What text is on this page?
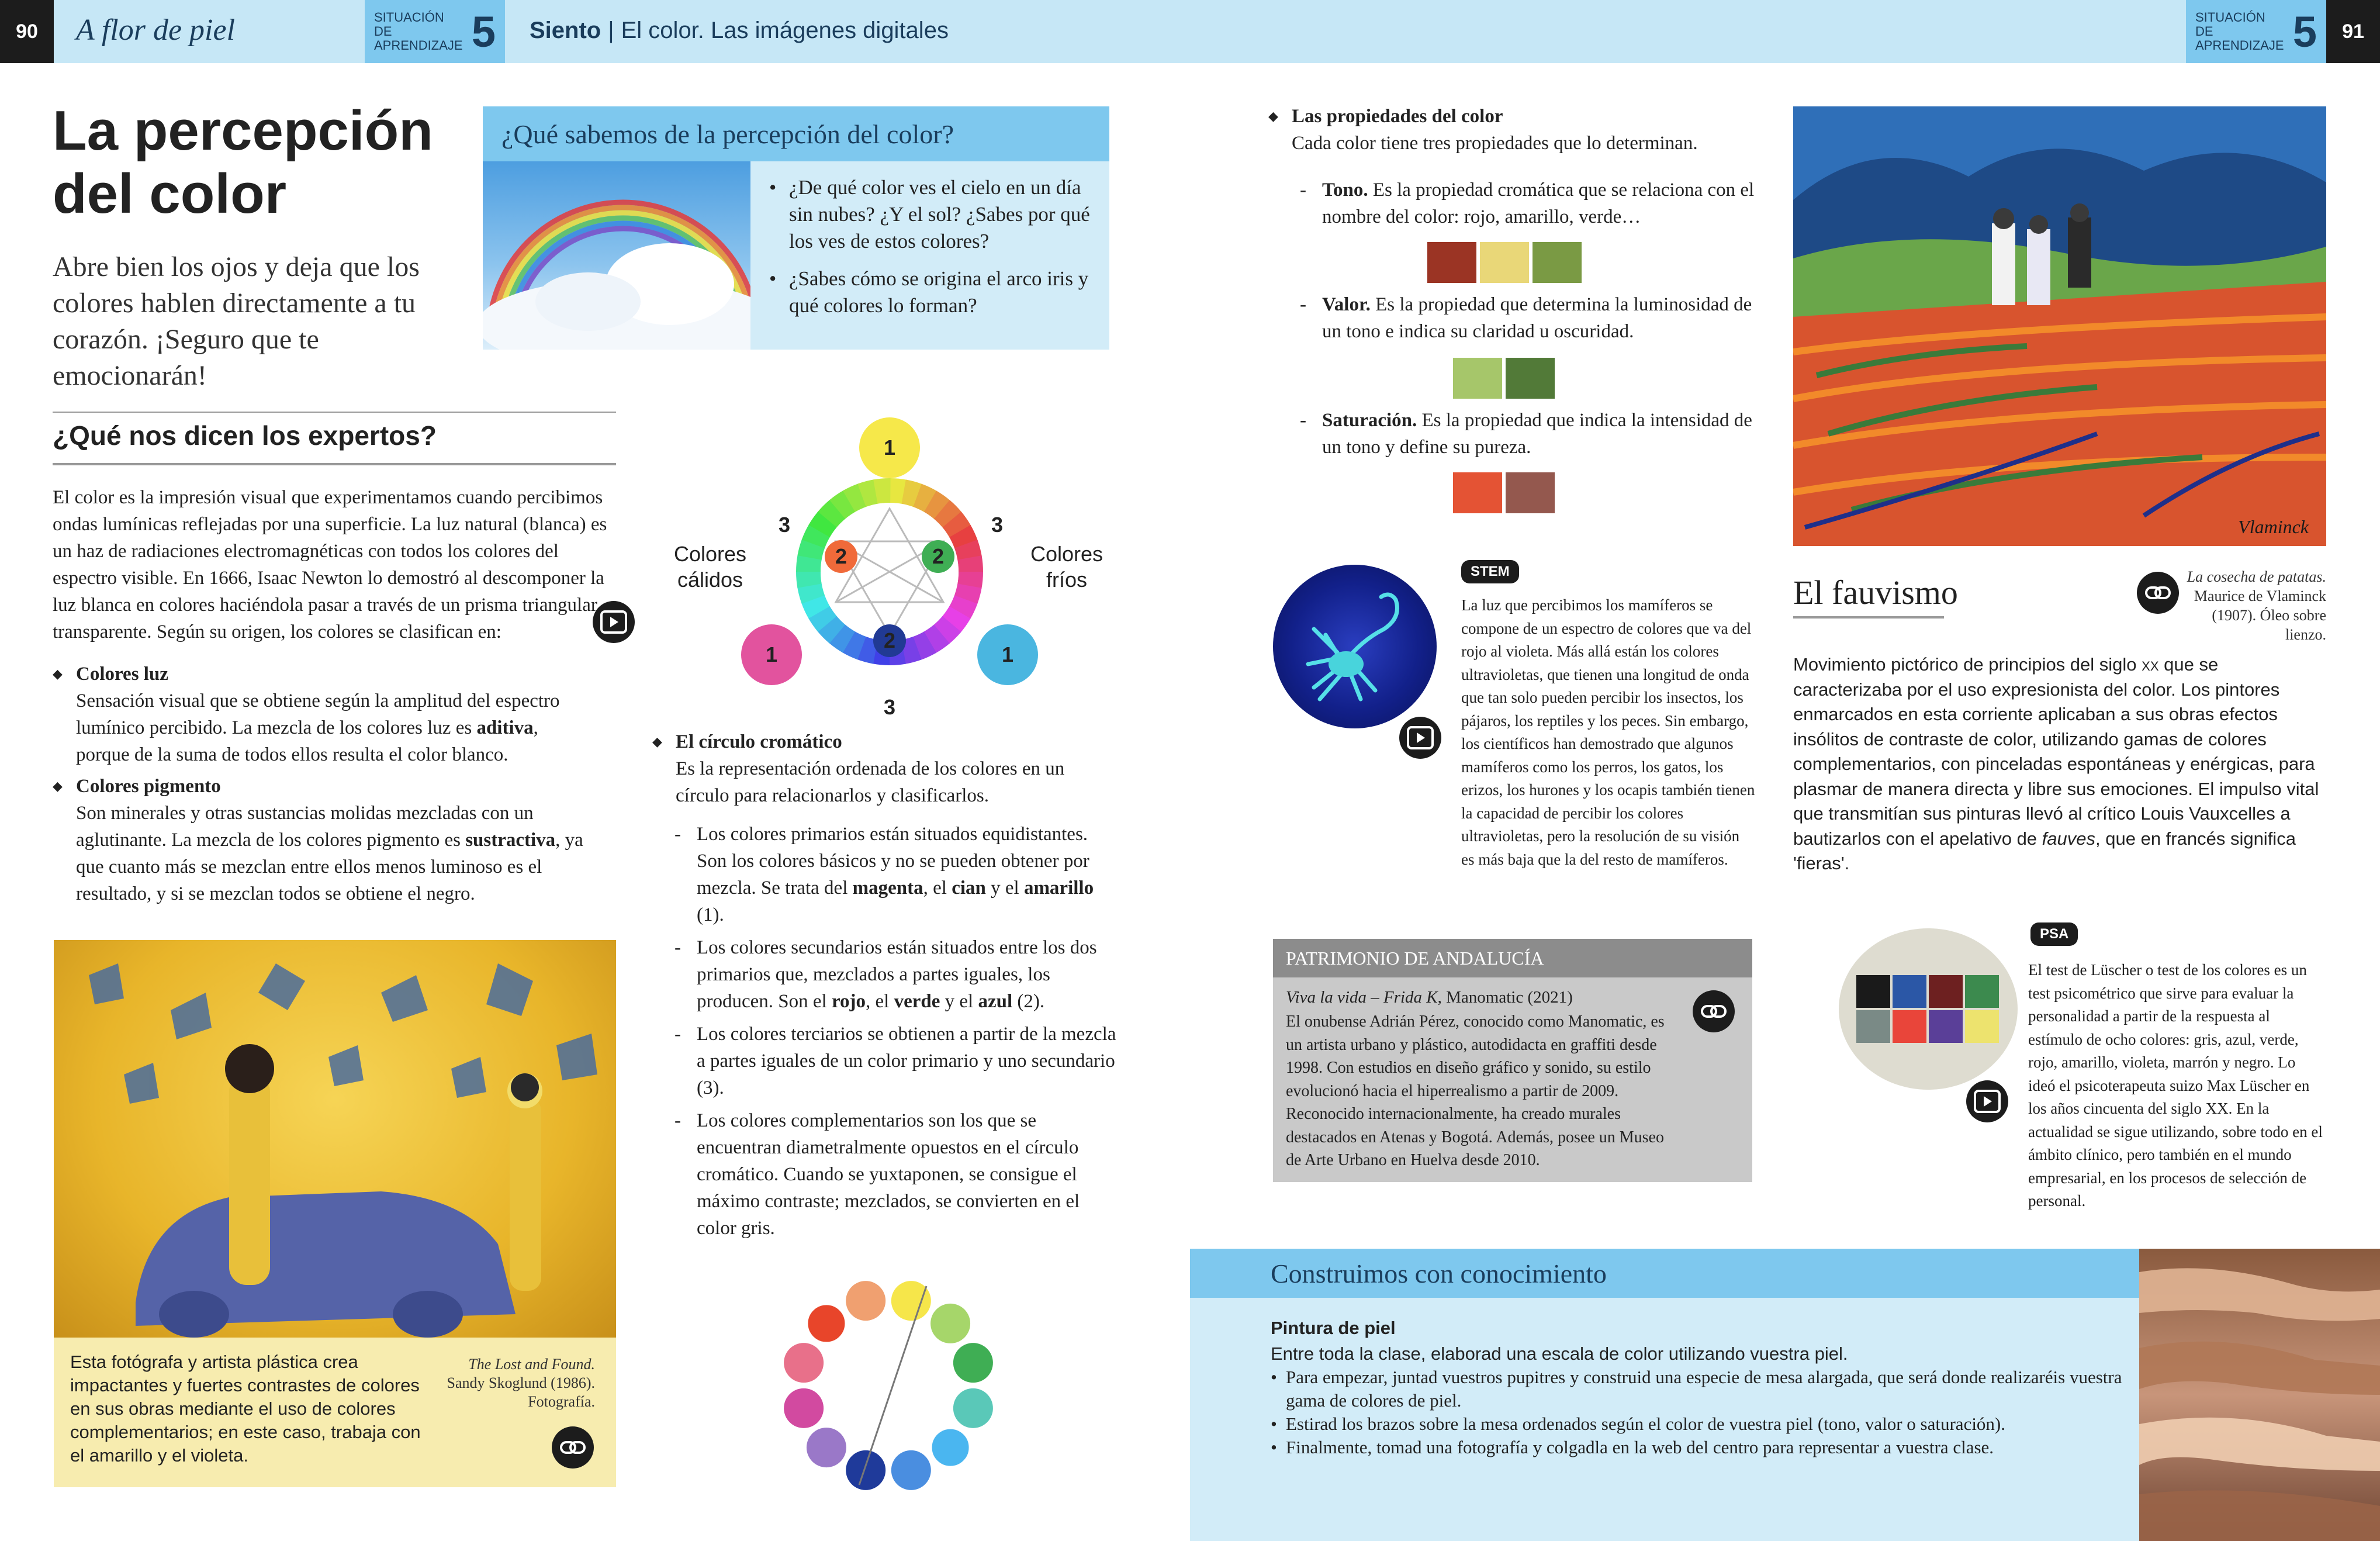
90	A flor de piel	SITUACIÓN DE
APRENDIZAJE 5 Siento | El color. Las imágenes digitales
SITUACIÓN DE
APRENDIZAJE 5	91
La percepción
del color

Abre bien los ojos y deja que los colores hablen directamente a tu corazón. ¡Seguro que te emocionarán!

¿Qué sabemos de la percepción del color?
• ¿De qué color ves el cielo en un día sin nubes? ¿Y el sol? ¿Sabes por qué los ves de estos colores?
• ¿Sabes cómo se origina el arco iris y qué colores lo forman?
¿Qué nos dicen los expertos?

El color es la impresión visual que experimentamos cuando percibimos ondas lumínicas reflejadas por una superficie. La luz natural (blanca) es un haz de radiaciones electromagnéticas con todos los colores del espectro visible. En 1666, Isaac Newton lo demostró al descomponer la luz blanca en colores haciéndola pasar a través de un prisma triangular transparente. Según su origen, los colores se clasifican en:

◆ Colores luz
Sensación visual que se obtiene según la amplitud del espectro lumínico percibido. La mezcla de los colores luz es aditiva, porque de la suma de todos ellos resulta el color blanco.
◆ Colores pigmento
Son minerales y otras sustancias molidas mezcladas con un aglutinante. La mezcla de los colores pigmento es sustractiva, ya que cuanto más se mezclan entre ellos menos luminoso es el resultado, y si se mezclan todos se obtiene el negro.

Esta fotógrafa y artista plástica crea impactantes y fuertes contrastes de colores en sus obras mediante el uso de colores complementarios; en este caso, trabaja con el amarillo y el violeta.

The Lost and Found.
Sandy Skoglund (1986). Fotografía.
1
1	1
2	2
2
3	3
3
Colores
cálidos
Colores
fríos
◆ El círculo cromático
Es la representación ordenada de los colores en un círculo para relacionarlos y clasificarlos.
- Los colores primarios están situados equidistantes. Son los colores básicos y no se pueden obtener por mezcla. Se trata del magenta, el cian y el amarillo (1).
- Los colores secundarios están situados entre los dos primarios que, mezclados a partes iguales, los producen. Son el rojo, el verde y el azul (2).
- Los colores terciarios se obtienen a partir de la mezcla a partes iguales de un color primario y uno secundario (3).
- Los colores complementarios son los que se encuentran diametralmente opuestos en el círculo cromático. Cuando se yuxtaponen, se consigue el máximo contraste; mezclados, se convierten en el color gris.
◆ Las propiedades del color
Cada color tiene tres propiedades que lo determinan.
- Tono. Es la propiedad cromática que se relaciona con el nombre del color: rojo, amarillo, verde…
- Valor. Es la propiedad que determina la luminosidad de un tono e indica su claridad u oscuridad.
- Saturación. Es la propiedad que indica la intensidad de un tono y define su pureza.
STEM

La luz que percibimos los mamíferos se compone de un espectro de colores que va del rojo al violeta. Más allá están los colores ultravioletas, que tienen una longitud de onda que tan solo pueden percibir los insectos, los pájaros, los reptiles y los peces. Sin embargo, los científicos han demostrado que algunos mamíferos como los perros, los gatos, los erizos, los hurones y los ocapis también tienen la capacidad de percibir los colores ultravioletas, pero la resolución de su visión es más baja que la del resto de mamíferos.

Vlaminck
El fauvismo	La cosecha de patatas.
Maurice de Vlaminck (1907). Óleo sobre lienzo.

Movimiento pictórico de principios del siglo xx que se caracterizaba por el uso expresionista del color. Los pintores enmarcados en esta corriente aplicaban a sus obras efectos insólitos de contraste de color, utilizando gamas de colores complementarios, con pinceladas espontáneas y enérgicas, para plasmar de manera directa y libre sus emociones. El impulso vital que transmitían sus pinturas llevó al crítico Louis Vauxcelles a bautizarlos con el apelativo de fauves, que en francés significa 'fieras'.

PATRIMONIO DE ANDALUCÍA
Viva la vida – Frida K, Manomatic (2021)

El onubense Adrián Pérez, conocido como Manomatic, es un artista urbano y plástico, autodidacta en graffiti desde 1998. Con estudios en diseño gráfico y sonido, su estilo evolucionó hacia el hiperrealismo a partir de 2009. Reconocido internacionalmente, ha creado murales destacados en Atenas y Bogotá. Además, posee un Museo de Arte Urbano en Huelva desde 2010.

PSA

El test de Lüscher o test de los colores es un test psicométrico que sirve para evaluar la personalidad a partir de la respuesta al estímulo de ocho colores: gris, azul, verde, rojo, amarillo, violeta, marrón y negro. Lo ideó el psicoterapeuta suizo Max Lüscher en los años cincuenta del siglo XX. En la actualidad se sigue utilizando, sobre todo en el ámbito clínico, pero también en el mundo empresarial, en los procesos de selección de personal.

Construimos con conocimiento
Pintura de piel

Entre toda la clase, elaborad una escala de color utilizando vuestra piel.

• Para empezar, juntad vuestros pupitres y construid una especie de mesa alargada, que será donde realizaréis vuestra gama de colores de piel.
• Estirad los brazos sobre la mesa ordenados según el color de vuestra piel (tono, valor o saturación).
• Finalmente, tomad una fotografía y colgadla en la web del centro para representar a vuestra clase.
